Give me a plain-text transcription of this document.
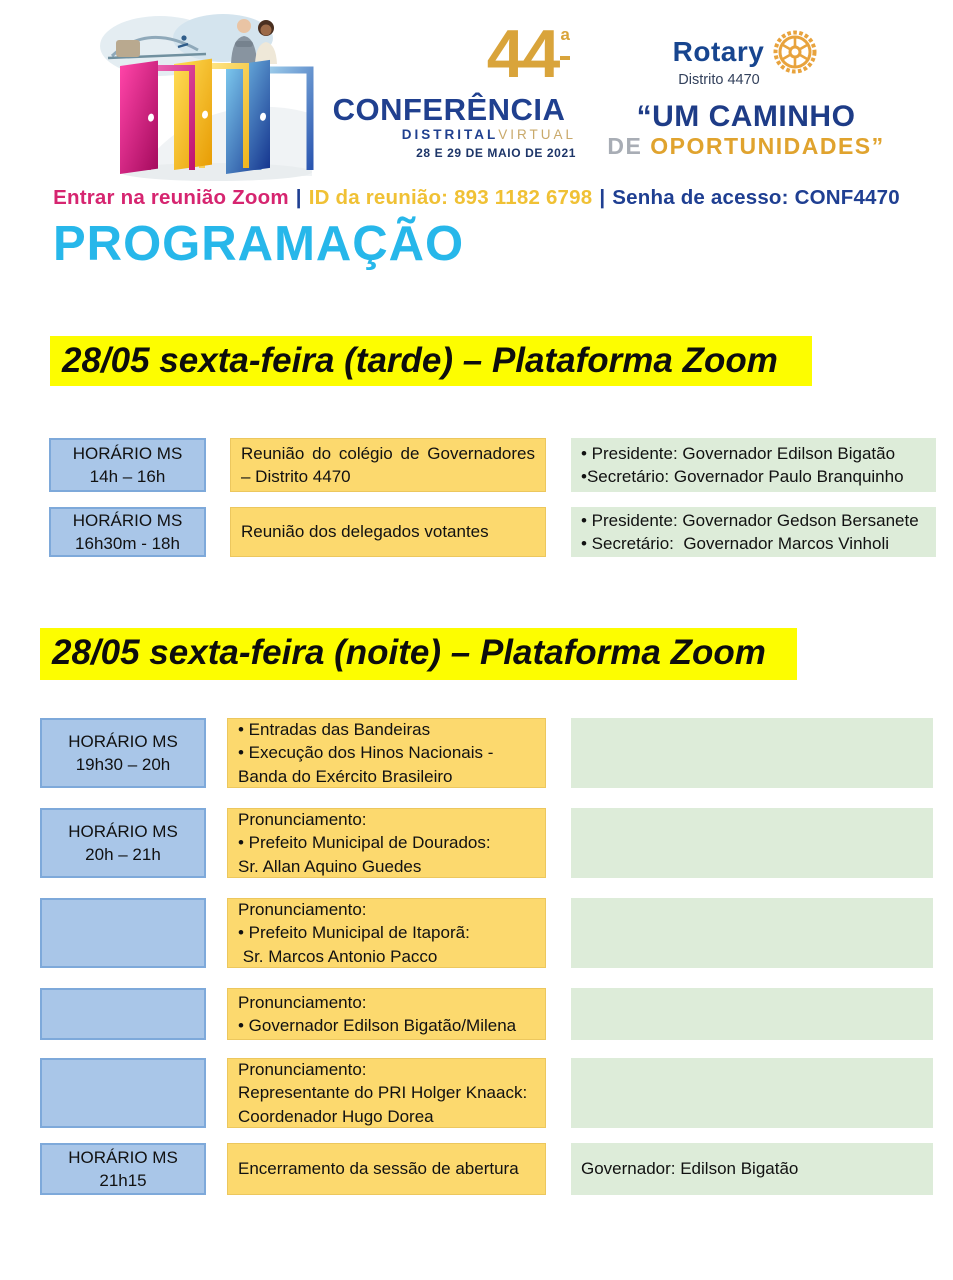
$44^ª$
CONFERÊNCIA
DISTRITALVIRTUAL
28 E 29 DE MAIO DE 2021
Rotary
Distrito 4470
“UM CAMINHO
DE OPORTUNIDADES”
Entrar na reunião Zoom | ID da reunião: 893 1182 6798 | Senha de acesso: CONF4470
PROGRAMAÇÃO
28/05 sexta-feira (tarde) – Plataforma Zoom
HORÁRIO MS
14h – 16h
Reunião do colégio de Governadores – Distrito 4470
• Presidente: Governador Edilson Bigatão
•Secretário: Governador Paulo Branquinho
HORÁRIO MS
16h30m - 18h
Reunião dos delegados votantes
• Presidente: Governador Gedson Bersanete
• Secretário:  Governador Marcos Vinholi
28/05 sexta-feira (noite) – Plataforma Zoom
HORÁRIO MS
19h30 – 20h
• Entradas das Bandeiras
• Execução dos Hinos Nacionais - Banda do Exército Brasileiro
HORÁRIO MS
20h – 21h
Pronunciamento:
• Prefeito Municipal de Dourados:
Sr. Allan Aquino Guedes
Pronunciamento:
• Prefeito Municipal de Itaporã:
Sr. Marcos Antonio Pacco
Pronunciamento:
• Governador Edilson Bigatão/Milena
Pronunciamento:
Representante do PRI Holger Knaack:
Coordenador Hugo Dorea
HORÁRIO MS
21h15
Encerramento da sessão de abertura	Governador: Edilson Bigatão
